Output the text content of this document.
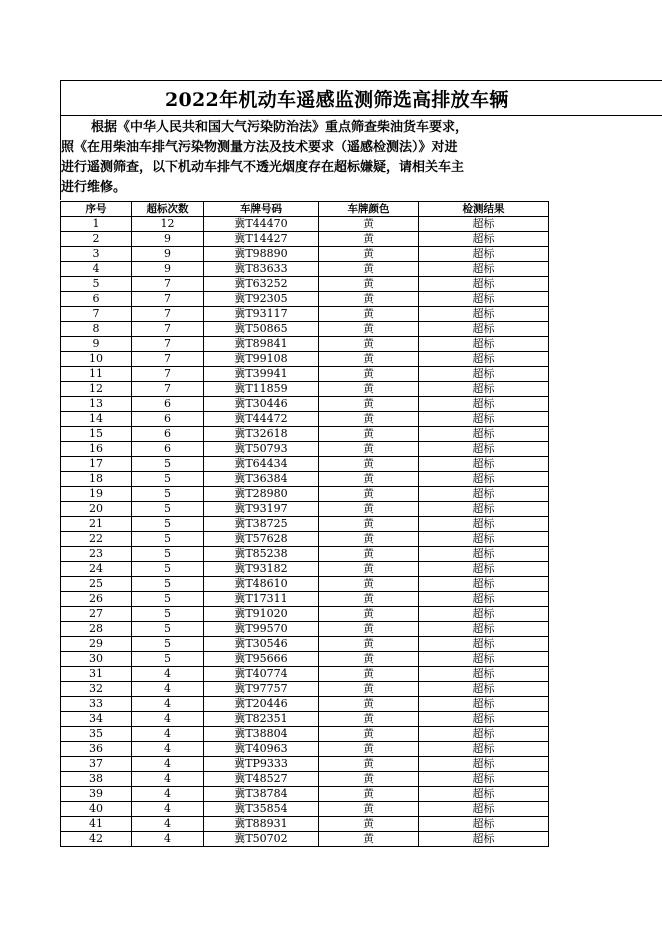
2022年机动车遥感监测筛选高排放车辆
根据《中华人民共和国大气污染防治法》重点筛查柴油货车要求，
照《在用柴油车排气污染物测量方法及技术要求（遥感检测法）》对进
进行遥测筛查，以下机动车排气不透光烟度存在超标嫌疑，请相关车主
进行维修。
序号	超标次数	车牌号码	车牌颜色	检测结果
1	12	冀T44470	黄	超标
2	9	冀T14427	黄	超标
3	9	冀T98890	黄	超标
4	9	冀T83633	黄	超标
5	7	冀T63252	黄	超标
6	7	冀T92305	黄	超标
7	7	冀T93117	黄	超标
8	7	冀T50865	黄	超标
9	7	冀T89841	黄	超标
10	7	冀T99108	黄	超标
11	7	冀T39941	黄	超标
12	7	冀T11859	黄	超标
13	6	冀T30446	黄	超标
14	6	冀T44472	黄	超标
15	6	冀T32618	黄	超标
16	6	冀T50793	黄	超标
17	5	冀T64434	黄	超标
18	5	冀T36384	黄	超标
19	5	冀T28980	黄	超标
20	5	冀T93197	黄	超标
21	5	冀T38725	黄	超标
22	5	冀T57628	黄	超标
23	5	冀T85238	黄	超标
24	5	冀T93182	黄	超标
25	5	冀T48610	黄	超标
26	5	冀T17311	黄	超标
27	5	冀T91020	黄	超标
28	5	冀T99570	黄	超标
29	5	冀T30546	黄	超标
30	5	冀T95666	黄	超标
31	4	冀T40774	黄	超标
32	4	冀T97757	黄	超标
33	4	冀T20446	黄	超标
34	4	冀T82351	黄	超标
35	4	冀T38804	黄	超标
36	4	冀T40963	黄	超标
37	4	冀TP9333	黄	超标
38	4	冀T48527	黄	超标
39	4	冀T38784	黄	超标
40	4	冀T35854	黄	超标
41	4	冀T88931	黄	超标
42	4	冀T50702	黄	超标
